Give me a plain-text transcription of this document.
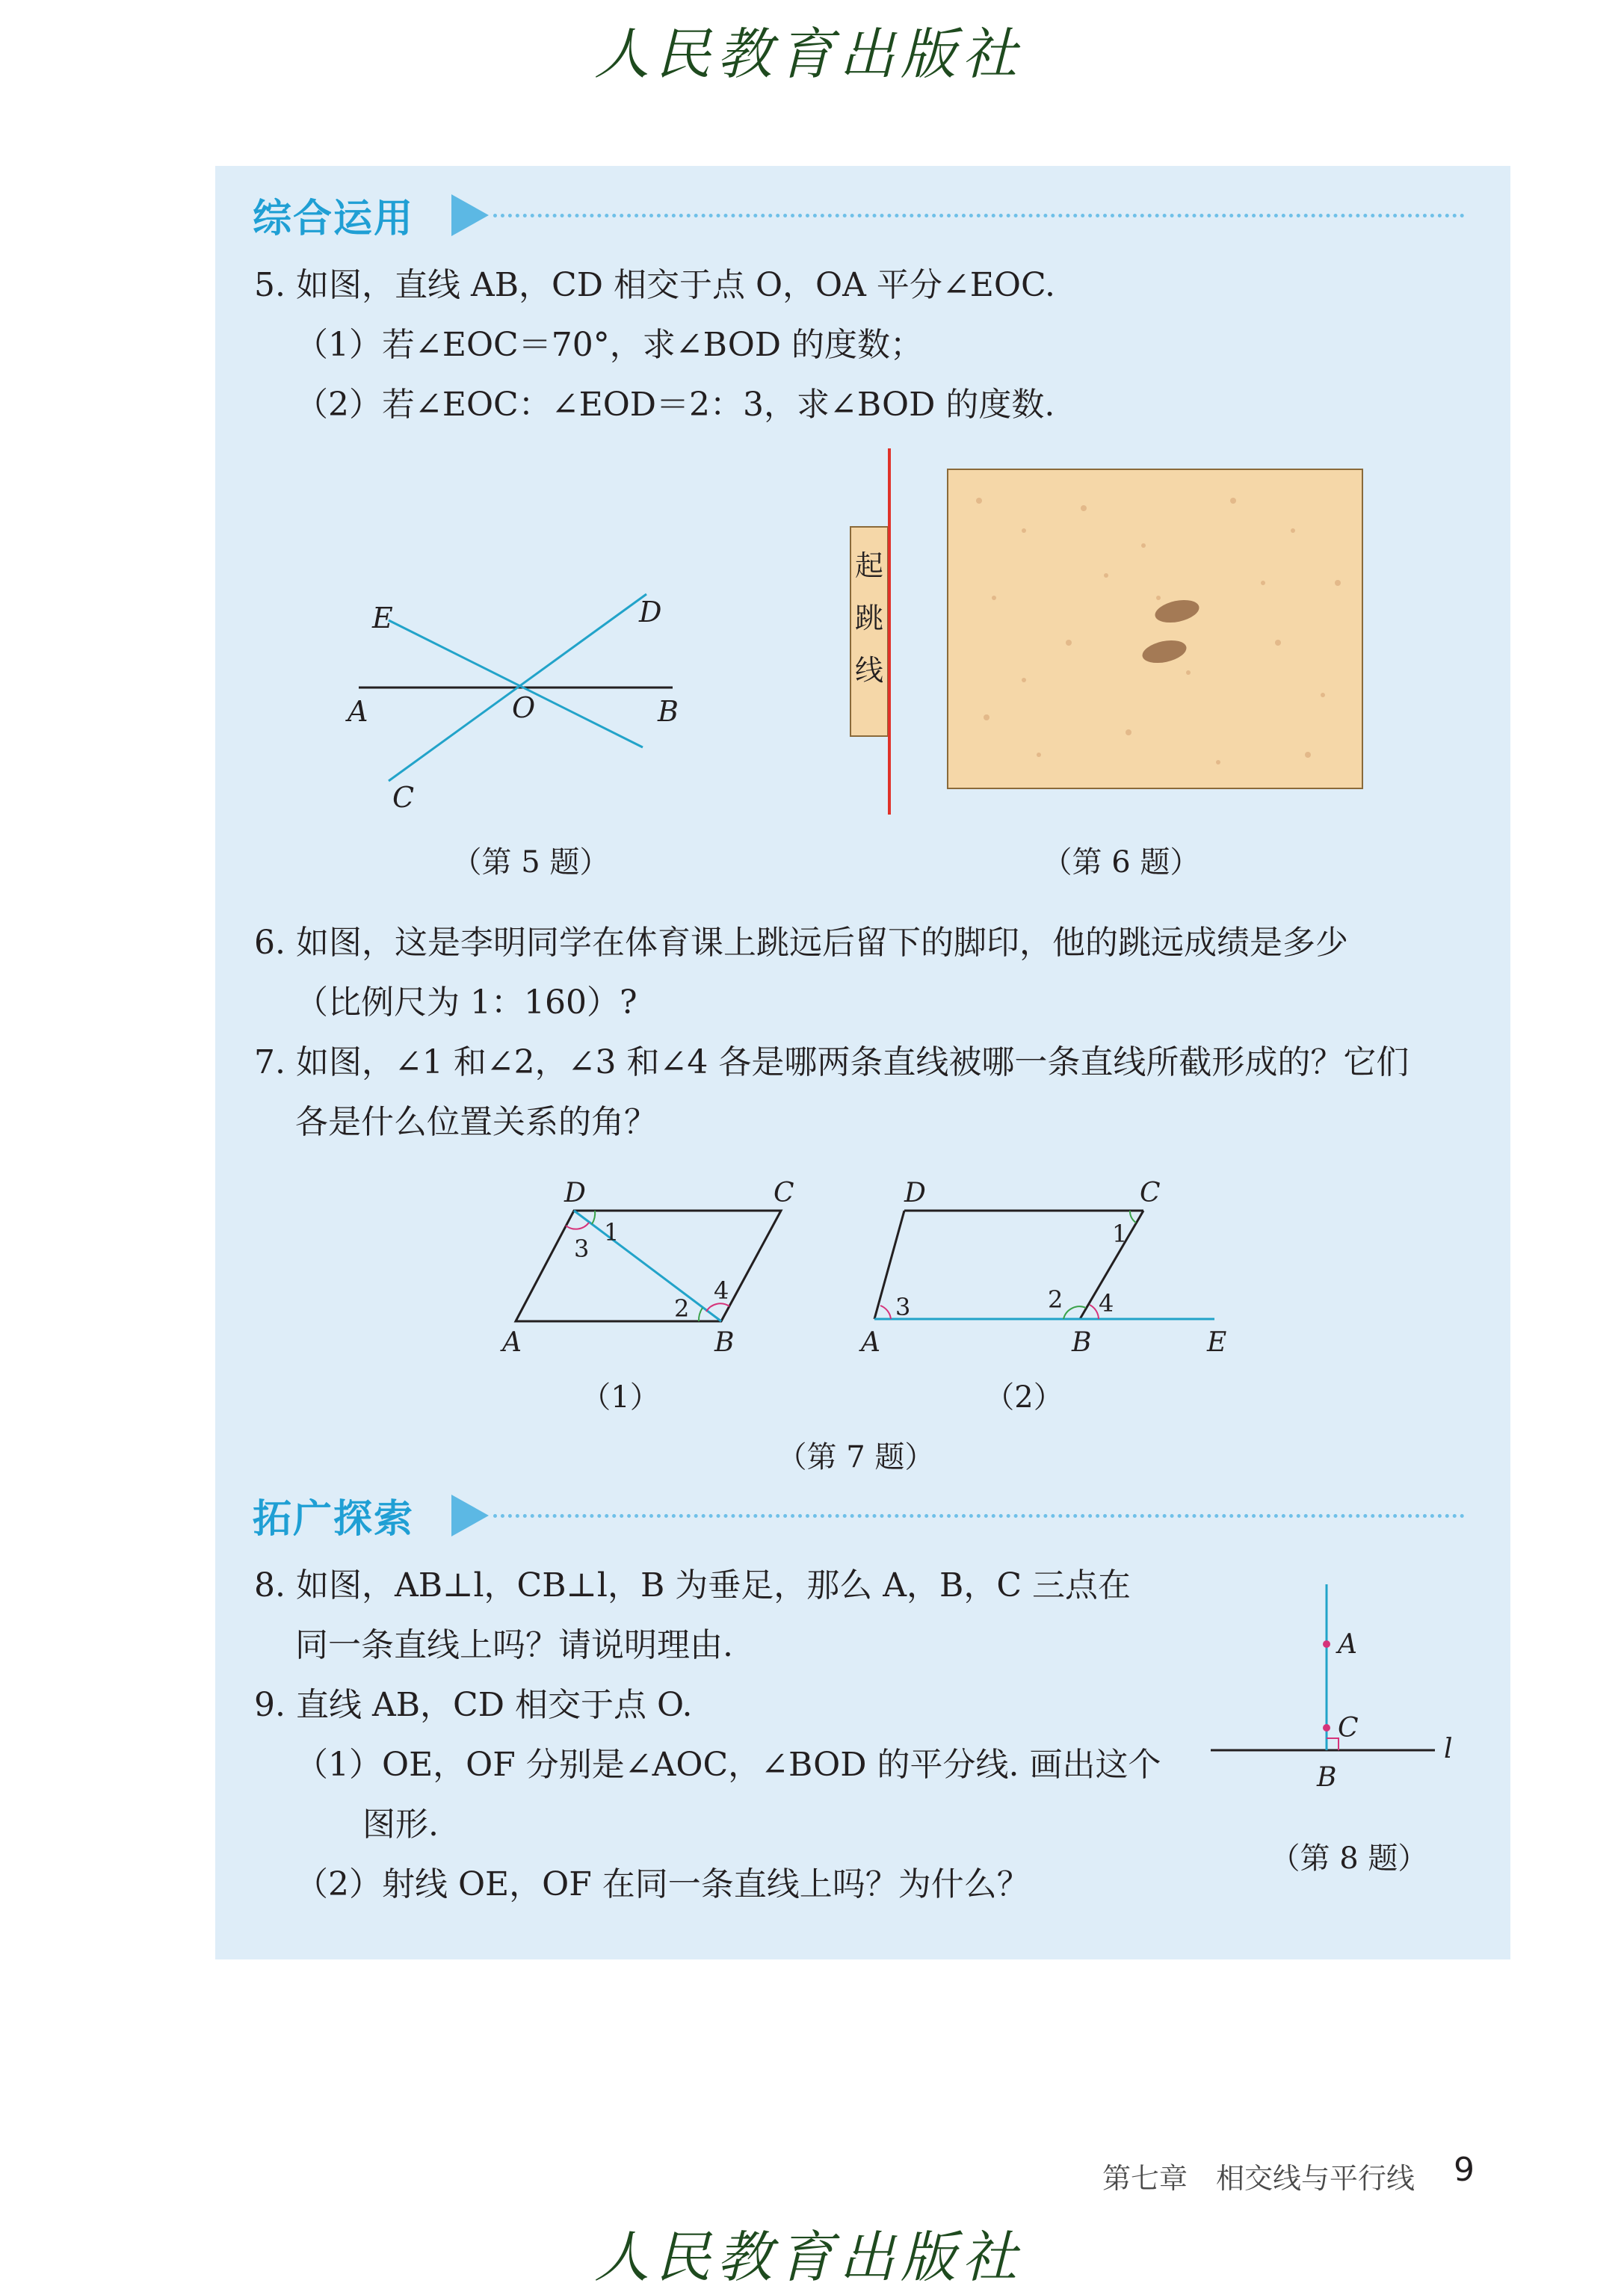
人民教育出版社
综合运用
5. 如图，直线 AB，CD 相交于点 O，OA 平分∠EOC.
（1）若∠EOC＝70°，求∠BOD 的度数；
（2）若∠EOC：∠EOD＝2：3，求∠BOD 的度数.
E	D
A	O	B
C
（第 5 题）
起
跳
线
（第 6 题）
6. 如图，这是李明同学在体育课上跳远后留下的脚印，他的跳远成绩是多少
（比例尺为 1：160）?
7. 如图，∠1 和∠2，∠3 和∠4 各是哪两条直线被哪一条直线所截形成的？它们
各是什么位置关系的角？
D	C
A	B
1
3
2
4
（1）
D	C
A	B	E
1
3	2 4
（2）
（第 7 题）
拓广探索
8. 如图，AB⊥l，CB⊥l，B 为垂足，那么 A，B，C 三点在
同一条直线上吗？请说明理由.
9. 直线 AB，CD 相交于点 O.
（1）OE，OF 分别是∠AOC，∠BOD 的平分线. 画出这个
图形.
（2）射线 OE，OF 在同一条直线上吗？为什么？
A
C
B
l
（第 8 题）
第七章　相交线与平行线 9
人民教育出版社
